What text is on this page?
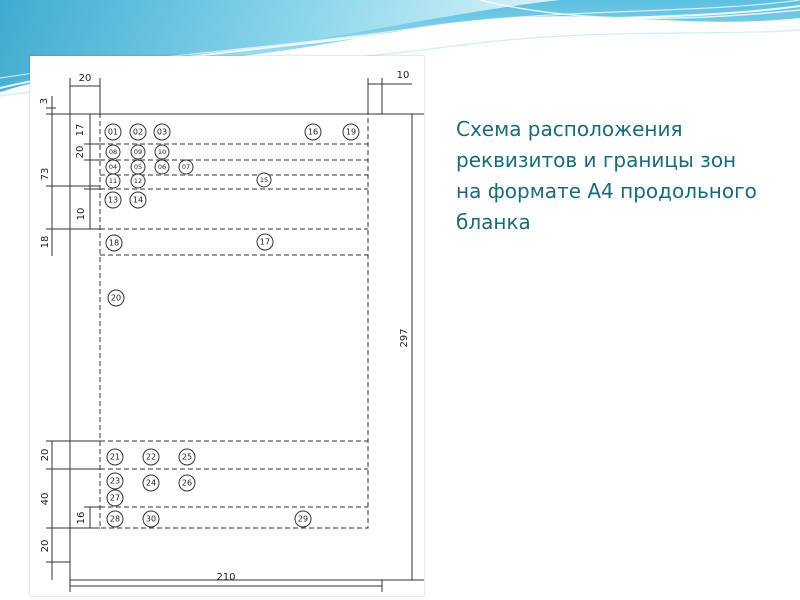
20	10
3
17
20
73
10
18
297
20
40
16
20
210
01 02 03	16	19
08	09 10
04	05 06 07
11	12	15
13 14
18	17
20
21	22	25
23	24	26
27
28	30	29
Схема расположения
реквизитов и границы зон
на формате А4 продольного
бланка
